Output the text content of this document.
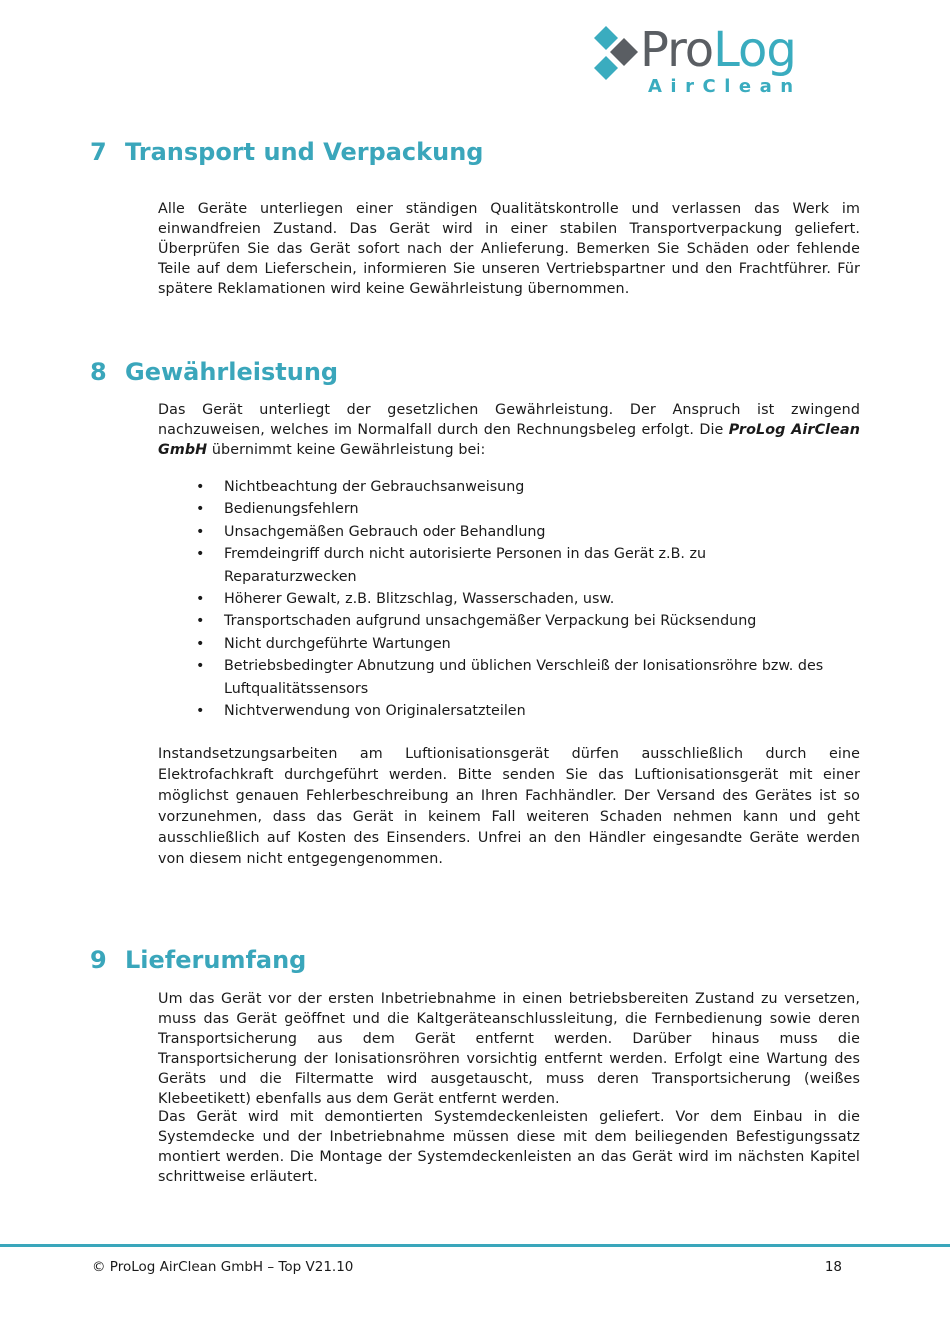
ProLog
AirClean
7 Transport und Verpackung

Alle Geräte unterliegen einer ständigen Qualitätskontrolle und verlassen das Werk im einwandfreien Zustand. Das Gerät wird in einer stabilen Transportverpackung geliefert. Überprüfen Sie das Gerät sofort nach der Anlieferung. Bemerken Sie Schäden oder fehlende Teile auf dem Lieferschein, informieren Sie unseren Vertriebspartner und den Frachtführer. Für spätere Reklamationen wird keine Gewährleistung übernommen.

8 Gewährleistung

Das Gerät unterliegt der gesetzlichen Gewährleistung. Der Anspruch ist zwingend nachzuweisen, welches im Normalfall durch den Rechnungsbeleg erfolgt. Die ProLog AirClean GmbH übernimmt keine Gewährleistung bei:

• Nichtbeachtung der Gebrauchsanweisung
• Bedienungsfehlern
• Unsachgemäßen Gebrauch oder Behandlung
• Fremdeingriff durch nicht autorisierte Personen in das Gerät z.B. zu Reparaturzwecken
• Höherer Gewalt, z.B. Blitzschlag, Wasserschaden, usw.
• Transportschaden aufgrund unsachgemäßer Verpackung bei Rücksendung
• Nicht durchgeführte Wartungen
• Betriebsbedingter Abnutzung und üblichen Verschleiß der Ionisationsröhre bzw. des Luftqualitätssensors
• Nichtverwendung von Originalersatzteilen

Instandsetzungsarbeiten am Luftionisationsgerät dürfen ausschließlich durch eine Elektrofachkraft durchgeführt werden. Bitte senden Sie das Luftionisationsgerät mit einer möglichst genauen Fehlerbeschreibung an Ihren Fachhändler. Der Versand des Gerätes ist so vorzunehmen, dass das Gerät in keinem Fall weiteren Schaden nehmen kann und geht ausschließlich auf Kosten des Einsenders. Unfrei an den Händler eingesandte Geräte werden von diesem nicht entgegengenommen.

9 Lieferumfang

Um das Gerät vor der ersten Inbetriebnahme in einen betriebsbereiten Zustand zu versetzen, muss das Gerät geöffnet und die Kaltgeräteanschlussleitung, die Fernbedienung sowie deren Transportsicherung aus dem Gerät entfernt werden. Darüber hinaus muss die Transportsicherung der Ionisationsröhren vorsichtig entfernt werden. Erfolgt eine Wartung des Geräts und die Filtermatte wird ausgetauscht, muss deren Transportsicherung (weißes Klebeetikett) ebenfalls aus dem Gerät entfernt werden.

Das Gerät wird mit demontierten Systemdeckenleisten geliefert. Vor dem Einbau in die Systemdecke und der Inbetriebnahme müssen diese mit dem beiliegenden Befestigungssatz montiert werden. Die Montage der Systemdeckenleisten an das Gerät wird im nächsten Kapitel schrittweise erläutert.

© ProLog AirClean GmbH – Top V21.10	18
